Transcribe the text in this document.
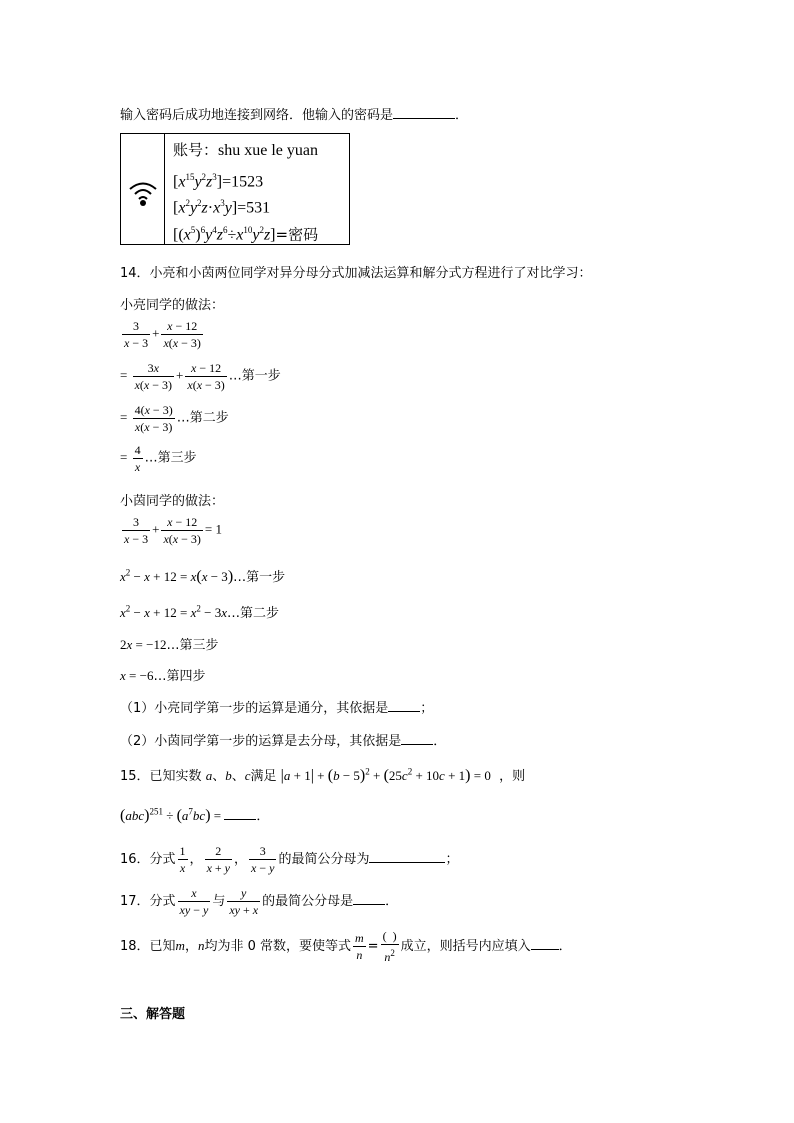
输入密码后成功地连接到网络．他输入的密码是	．
账号：shu xue le yuan
$[x^{15}y^2z^3]=1523$
$[x^2y^2z\cdot x^3y]=531$
$[(x^5)^6y^4z^6\div x^{10}y^2z]=$密码
14．小亮和小茵两位同学对异分母分式加减法运算和解分式方程进行了对比学习：
小亮同学的做法：
$\frac{3}{x - 3} + \frac{x - 12}{x(x - 3)}$
= $\frac{3x}{x(x - 3)} + \frac{x - 12}{x(x - 3)}$ …第一步
= $\frac{4(x - 3)}{x(x - 3)}$ …第二步
= $\frac{4}{x}$ …第三步
小茵同学的做法：
$\frac{3}{x - 3} + \frac{x - 12}{x(x - 3)} = 1$
$x^2 - x + 12 = x(x$ − 3)…第一步
$x^2 - x + 12 = x^2$ − 3x…第二步
2x = −12…第三步
x = −6…第四步
（1）小亮同学第一步的运算是通分，其依据是 ；
（2）小茵同学第一步的运算是去分母，其依据是 ．
15．已知实数 a、b、c满足 $|a + 1| + (b - 5)^2 + (25c^2 + 10c + 1) = 0$ ，则
$(abc)^{251} \div (a^7bc)$ = ．
16．分式 $\frac{1}{x}$ ， $\frac{2}{x + y}$ ， $\frac{3}{x - y}$ 的最简公分母为	；
17．分式 $\frac{x}{xy - y}$ 与 $\frac{y}{xy + x}$ 的最简公分母是 ．
18．已知m，n均为非 0 常数，要使等式 $\frac{m}{n} = \frac{( )}{n^2}$ 成立，则括号内应填入 ．
三、解答题
